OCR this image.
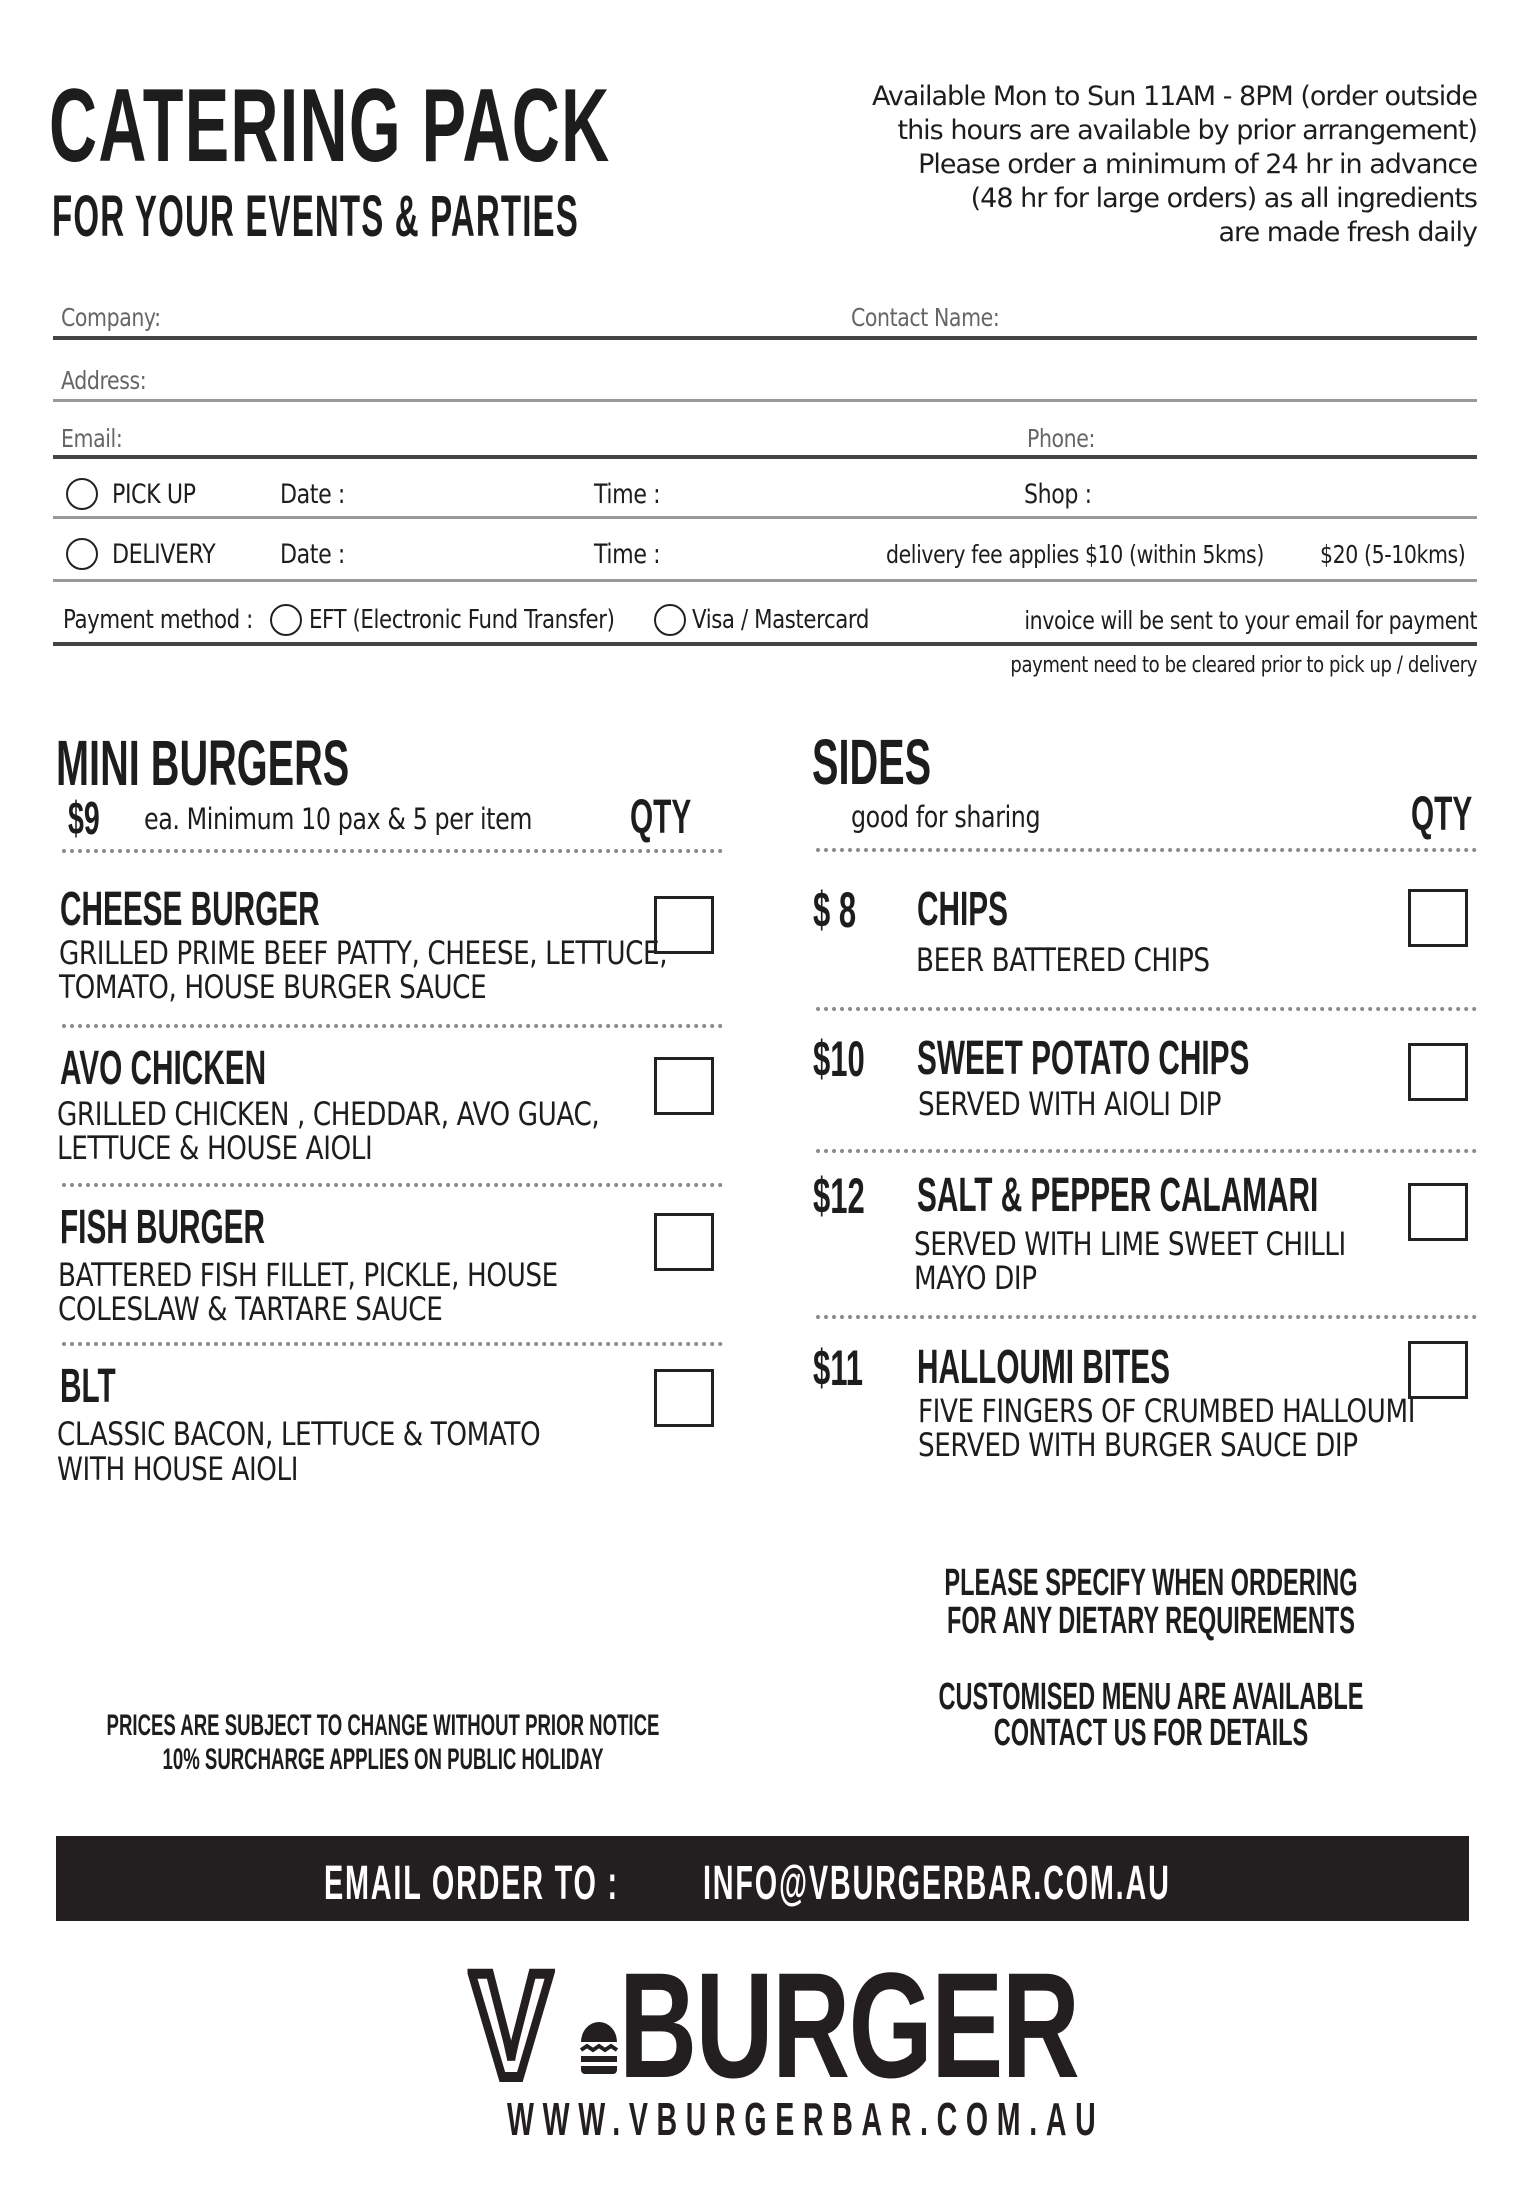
CATERING PACK
FOR YOUR EVENTS & PARTIES
Available Mon to Sun 11AM - 8PM (order outside
this hours are available by prior arrangement)
Please order a minimum of 24 hr in advance
(48 hr for large orders) as all ingredients
are made fresh daily
Company:	Contact Name:
Address:
Email:	Phone:
PICK UP	Date :	Time :	Shop :
DELIVERY Date :	Time :	delivery fee applies $10 (within 5kms) $20 (5-10kms)
Payment method : EFT (Electronic Fund Transfer)	Visa / Mastercard	invoice will be sent to your email for payment
payment need to be cleared prior to pick up / delivery
MINI BURGERS
$9 ea. Minimum 10 pax & 5 per item QTY
CHEESE BURGER
GRILLED PRIME BEEF PATTY, CHEESE, LETTUCE,
TOMATO, HOUSE BURGER SAUCE
AVO CHICKEN
GRILLED CHICKEN , CHEDDAR, AVO GUAC,
LETTUCE & HOUSE AIOLI
FISH BURGER
BATTERED FISH FILLET, PICKLE, HOUSE
COLESLAW & TARTARE SAUCE
BLT
CLASSIC BACON, LETTUCE & TOMATO
WITH HOUSE AIOLI
SIDES
good for sharing	QTY
$ 8 CHIPS
BEER BATTERED CHIPS
$10 SWEET POTATO CHIPS
SERVED WITH AIOLI DIP
$12 SALT & PEPPER CALAMARI
SERVED WITH LIME SWEET CHILLI
MAYO DIP
$11 HALLOUMI BITES
FIVE FINGERS OF CRUMBED HALLOUMI
SERVED WITH BURGER SAUCE DIP
PLEASE SPECIFY WHEN ORDERING
FOR ANY DIETARY REQUIREMENTS
CUSTOMISED MENU ARE AVAILABLE
CONTACT US FOR DETAILS
PRICES ARE SUBJECT TO CHANGE WITHOUT PRIOR NOTICE
10% SURCHARGE APPLIES ON PUBLIC HOLIDAY
EMAIL ORDER TO : INFO@VBURGERBAR.COM.AU
V BURGER
WWW.VBURGERBAR.COM.AU
